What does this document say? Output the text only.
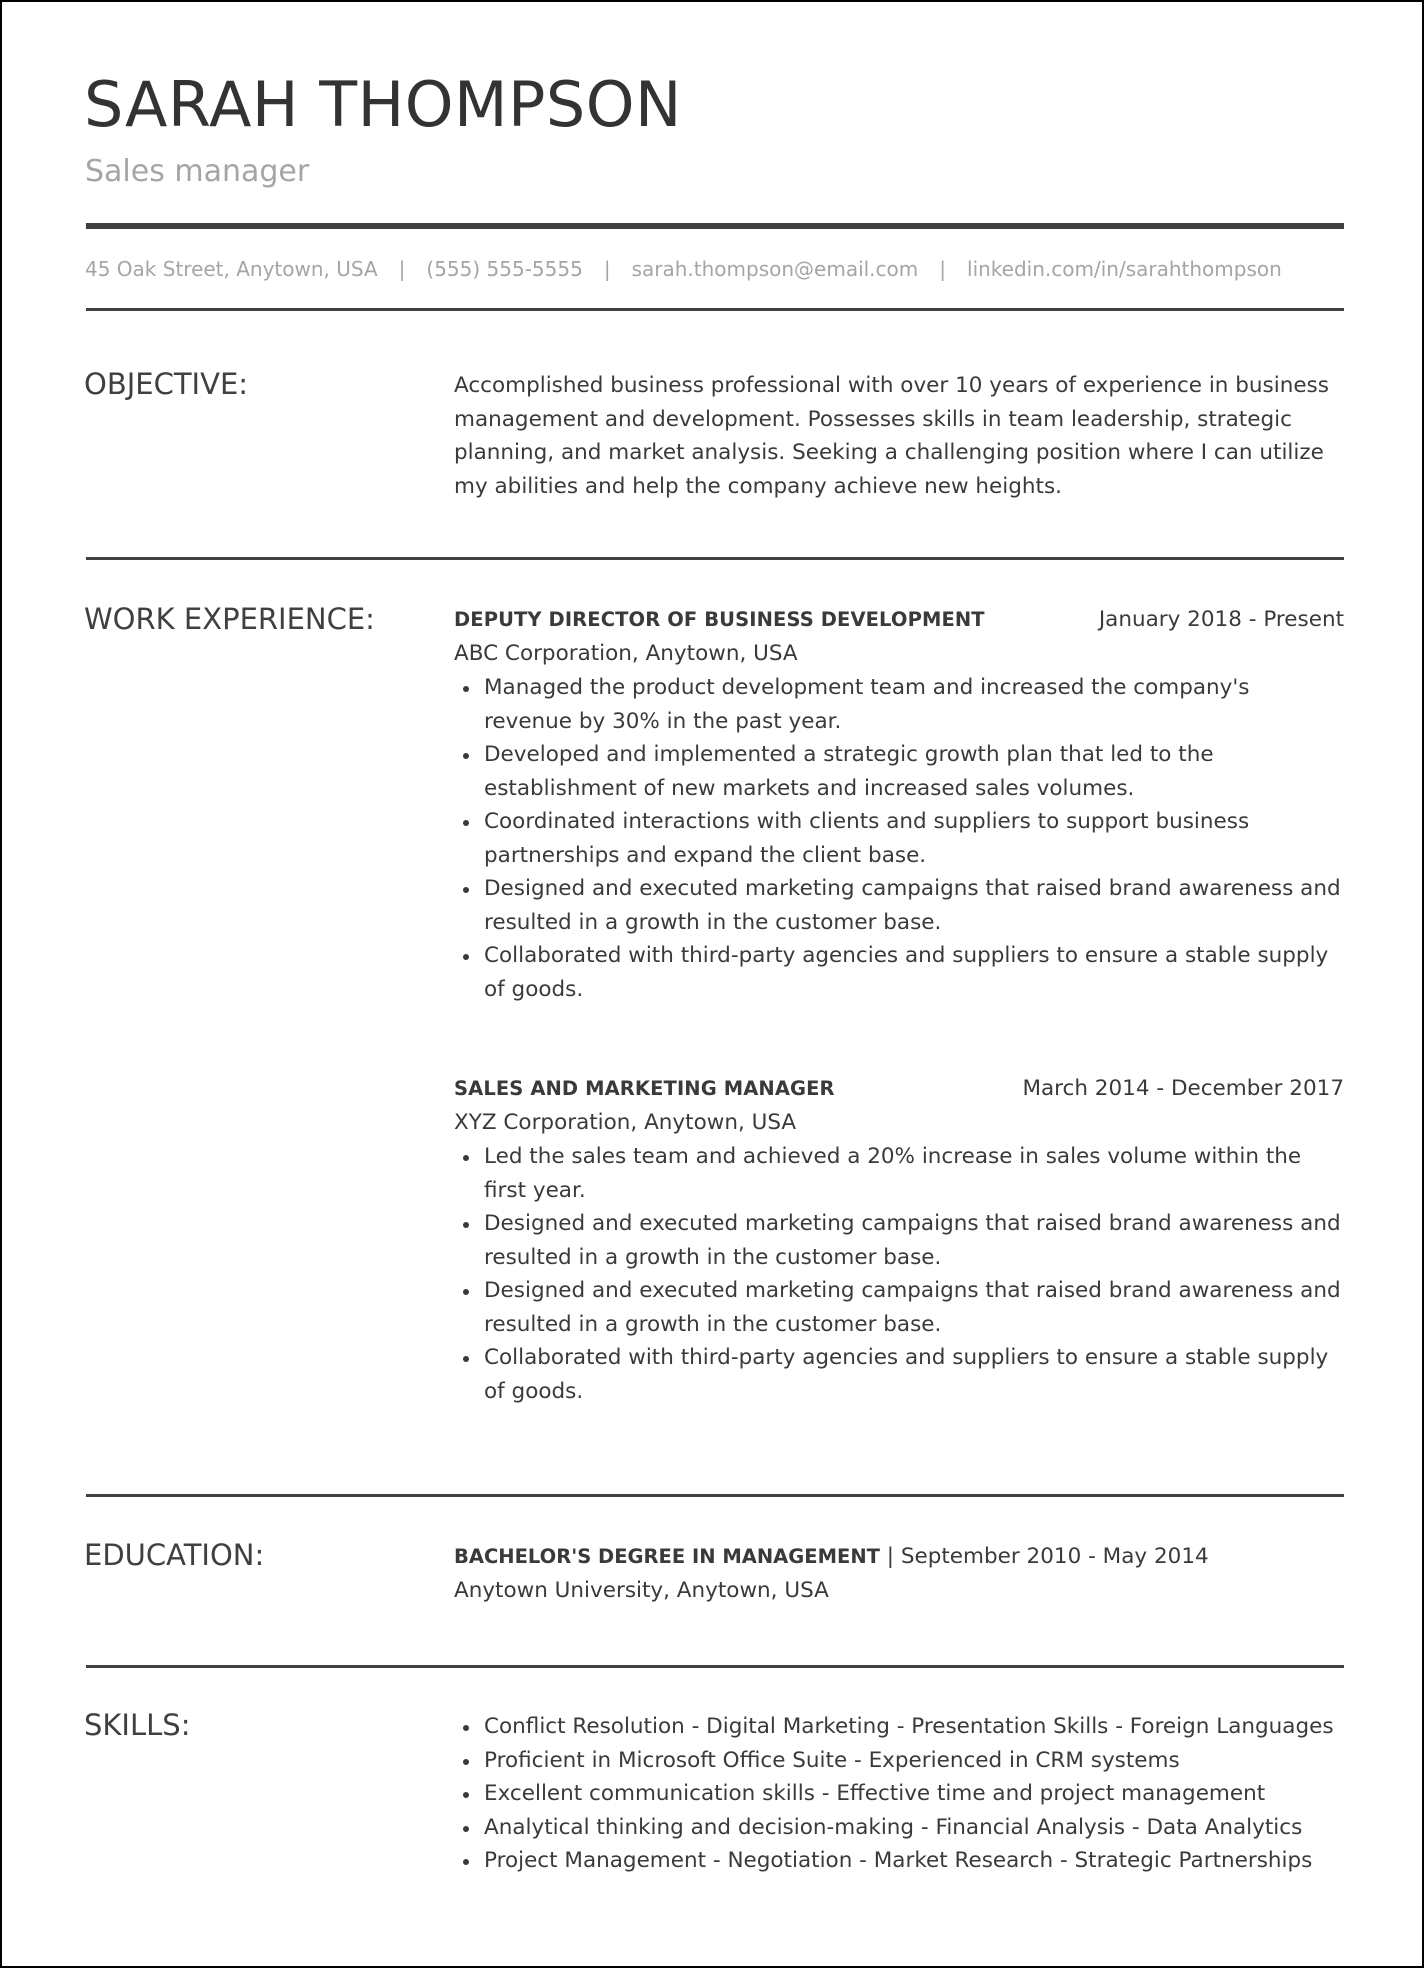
SARAH THOMPSON
Sales manager
45 Oak Street, Anytown, USA	|	(555) 555-5555	|	sarah.thompson@email.com	|	linkedin.com/in/sarahthompson
OBJECTIVE:	Accomplished business professional with over 10 years of experience in business management and development. Possesses skills in team leadership, strategic planning, and market analysis. Seeking a challenging position where I can utilize my abilities and help the company achieve new heights.

WORK EXPERIENCE:	DEPUTY DIRECTOR OF BUSINESS DEVELOPMENT	January 2018 - Present
ABC Corporation, Anytown, USA
Managed the product development team and increased the company's revenue by 30% in the past year.
Developed and implemented a strategic growth plan that led to the establishment of new markets and increased sales volumes.
Coordinated interactions with clients and suppliers to support business partnerships and expand the client base.
Designed and executed marketing campaigns that raised brand awareness and resulted in a growth in the customer base.
Collaborated with third-party agencies and suppliers to ensure a stable supply of goods.
SALES AND MARKETING MANAGER	March 2014 - December 2017
XYZ Corporation, Anytown, USA
Led the sales team and achieved a 20% increase in sales volume within the first year.
Designed and executed marketing campaigns that raised brand awareness and resulted in a growth in the customer base.
Designed and executed marketing campaigns that raised brand awareness and resulted in a growth in the customer base.
Collaborated with third-party agencies and suppliers to ensure a stable supply of goods.
EDUCATION:	BACHELOR'S DEGREE IN MANAGEMENT | September 2010 - May 2014
Anytown University, Anytown, USA
SKILLS:	Conflict Resolution - Digital Marketing - Presentation Skills - Foreign Languages
Proficient in Microsoft Office Suite - Experienced in CRM systems
Excellent communication skills - Effective time and project management
Analytical thinking and decision-making - Financial Analysis - Data Analytics
Project Management - Negotiation - Market Research - Strategic Partnerships
